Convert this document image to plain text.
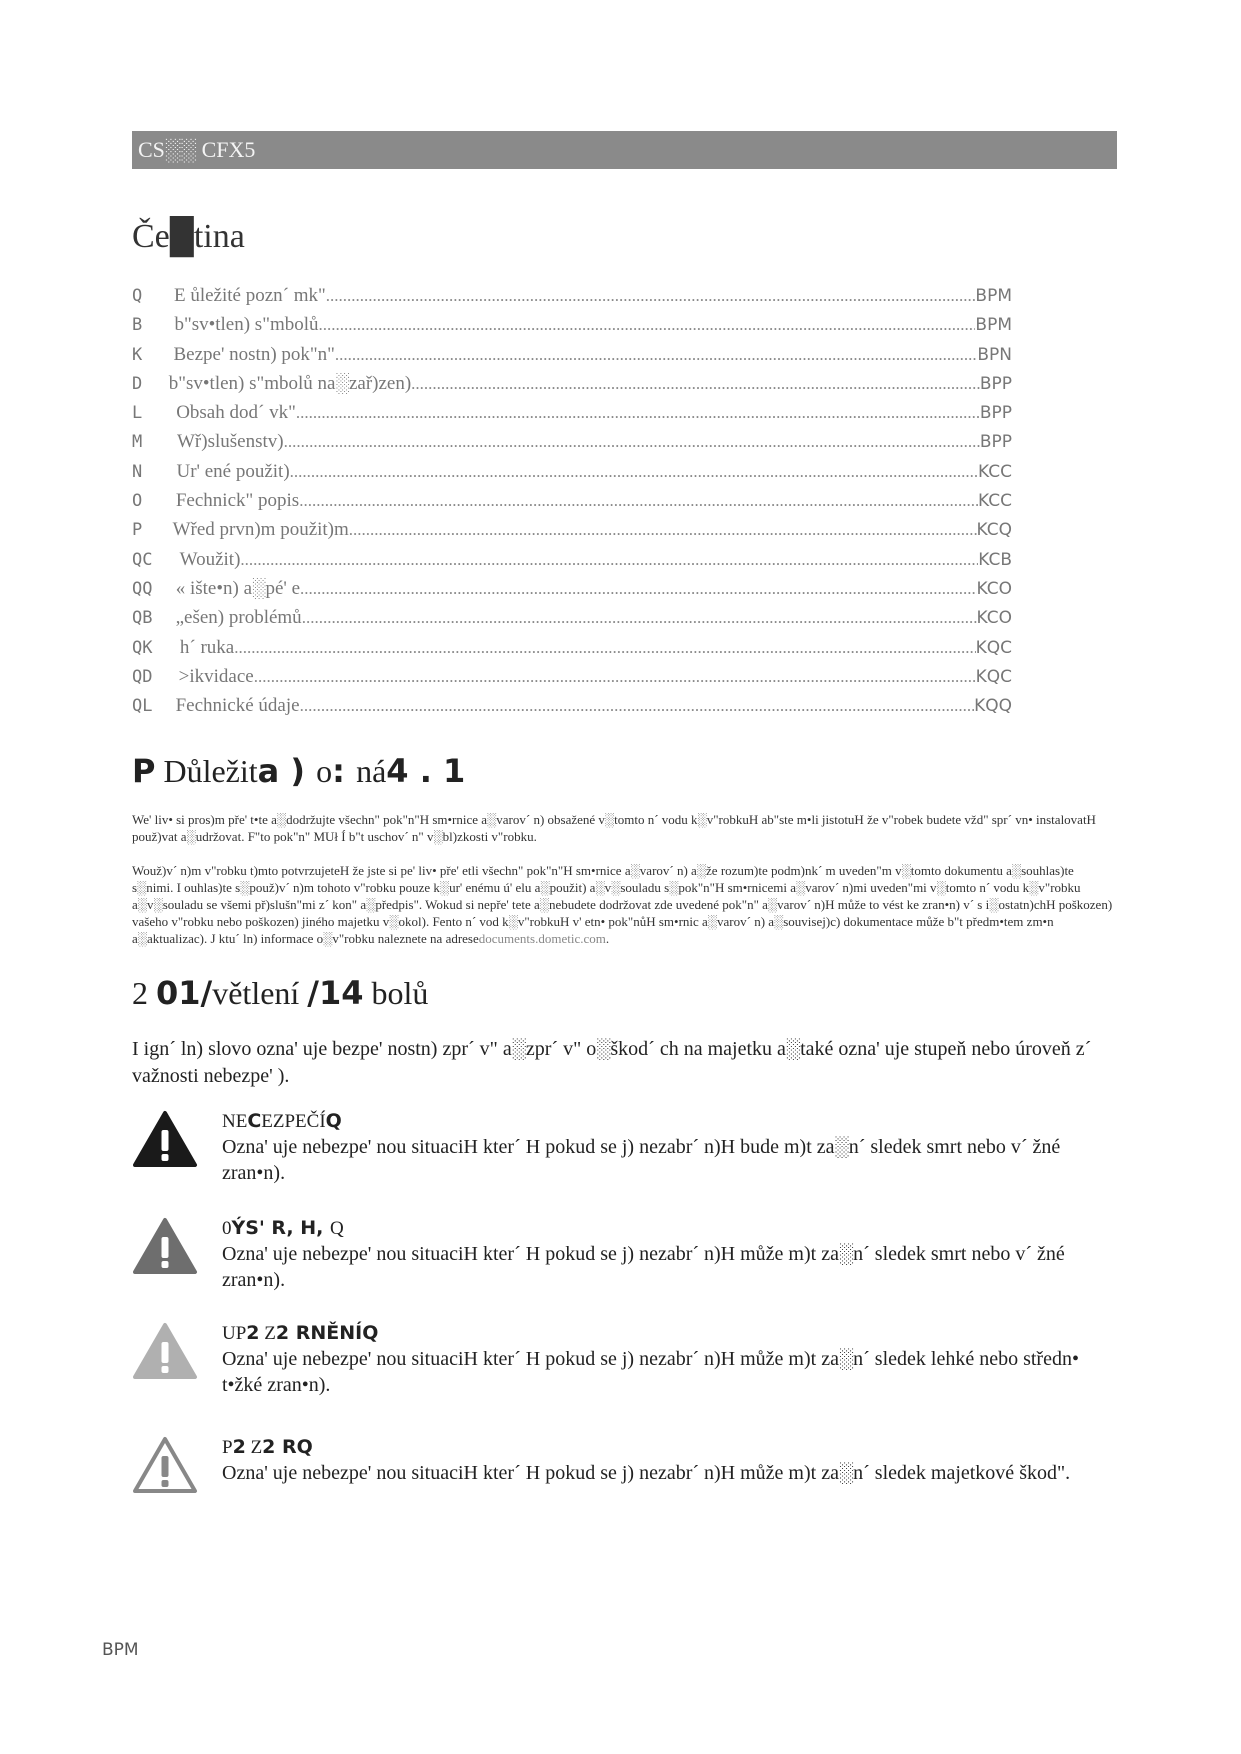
CS░░ CFX5
Če█tina
Q	E ůležité pozn´ mk" .....	BPM
B	b"sv•tlen) s"mbolů .....	BPM
K	Bezpe' nostn) pok"n" .....	BPN
D	b"sv•tlen) s"mbolů na░zař)zen) .....	BPP
L	Obsah dod´ vk" .....	BPP
M	Wř)slušenstv) .....	BPP
N	Ur' ené použit) .....	KCC
O	Fechnick" popis .....	KCC
P	Wřed prvn)m použit)m .....	KCQ
QC	Woužit) .....	KCB
QQ	« ište•n) a░pé' e .....	KCO
QB	„ešen) problémů .....	KCO
QK	h´ ruka .....	KQC
QD	>ikvidace .....	KQC
QL	Fechnické údaje .....	KQQ
P Důležita ) o: ná4 . 1
We' liv• si pros)m pře' t•te a░dodržujte všechn" pok"n"H sm•rnice a░varov´ n) obsažené v░tomto n´ vodu k░v"robkuH ab"ste m•li jistotuH že v"robek budete vžd" spr´ vn• instalovatH použ)vat a░udržovat. F"to pok"n" MUł Í b"t uschov´ n" v░bl)zkosti v"robku.
Wouž)v´ n)m v"robku t)mto potvrzujeteH že jste si pe' liv• pře' etli všechn" pok"n"H sm•rnice a░varov´ n) a░že rozum)te podm)nk´ m uveden"m v░tomto dokumentu a░souhlas)te s░nimi. I ouhlas)te s░použ)v´ n)m tohoto v"robku pouze k░ur' enému ú' elu a░použit) a░v░souladu s░pok"n"H sm•rnicemi a░varov´ n)mi uveden"mi v░tomto n´ vodu k░v"robku a░v░souladu se všemi př)slušn"mi z´ kon" a░předpis". Wokud si nepře' tete a░nebudete dodržovat zde uvedené pok"n" a░varov´ n)H může to vést ke zran•n) v´ s i░ostatn)chH poškozen) vašeho v"robku nebo poškozen) jiného majetku v░okol). Fento n´ vod k░v"robkuH v' etn• pok"nůH sm•rnic a░varov´ n) a░souvisej)c) dokumentace může b"t předm•tem zm•n a░aktualizac). J ktu´ ln) informace o░v"robku naleznete na adresedocuments.dometic.com.
2 01/větlení /14 bolů
I ign´ ln) slovo ozna' uje bezpe' nostn) zpr´ v" a░zpr´ v" o░škod´ ch na majetku a░také ozna' uje stupeň nebo úroveň z´ važnosti nebezpe' ).
NECEZPEČÍQ
Ozna' uje nebezpe' nou situaciH kter´ H pokud se j) nezabr´ n)H bude m)t za░n´ sledek smrt nebo v´ žné zran•n).
0ÝS' R, H, Q
Ozna' uje nebezpe' nou situaciH kter´ H pokud se j) nezabr´ n)H může m)t za░n´ sledek smrt nebo v´ žné zran•n).
UP2 Z2 RNĚNÍQ
Ozna' uje nebezpe' nou situaciH kter´ H pokud se j) nezabr´ n)H může m)t za░n´ sledek lehké nebo středn• t•žké zran•n).
P2 Z2 RQ
Ozna' uje nebezpe' nou situaciH kter´ H pokud se j) nezabr´ n)H může m)t za░n´ sledek majetkové škod".
BPM
